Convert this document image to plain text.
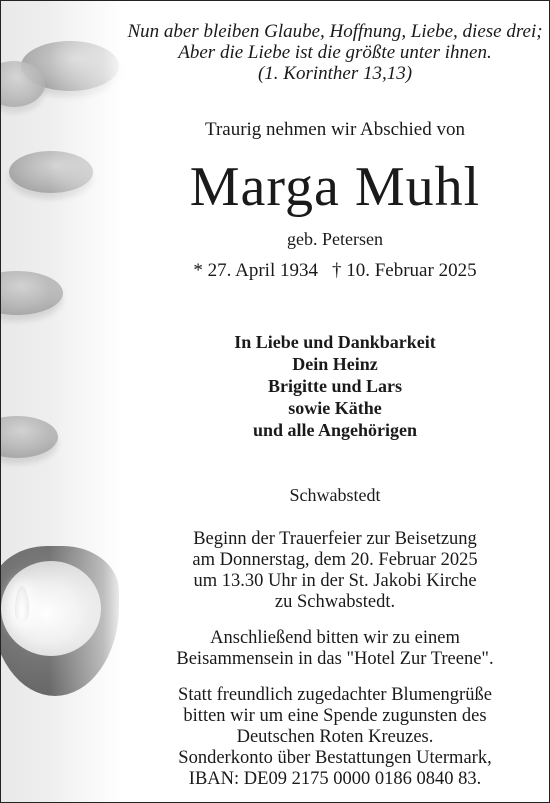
Nun aber bleiben Glaube, Hoffnung, Liebe, diese drei;
Aber die Liebe ist die größte unter ihnen.
(1. Korinther 13,13)
Traurig nehmen wir Abschied von
Marga Muhl
geb. Petersen
* 27. April 1934 † 10. Februar 2025
In Liebe und Dankbarkeit
Dein Heinz
Brigitte und Lars
sowie Käthe
und alle Angehörigen
Schwabstedt
Beginn der Trauerfeier zur Beisetzung
am Donnerstag, dem 20. Februar 2025
um 13.30 Uhr in der St. Jakobi Kirche
zu Schwabstedt.
Anschließend bitten wir zu einem
Beisammensein in das "Hotel Zur Treene".
Statt freundlich zugedachter Blumengrüße
bitten wir um eine Spende zugunsten des
Deutschen Roten Kreuzes.
Sonderkonto über Bestattungen Utermark,
IBAN: DE09 2175 0000 0186 0840 83.
